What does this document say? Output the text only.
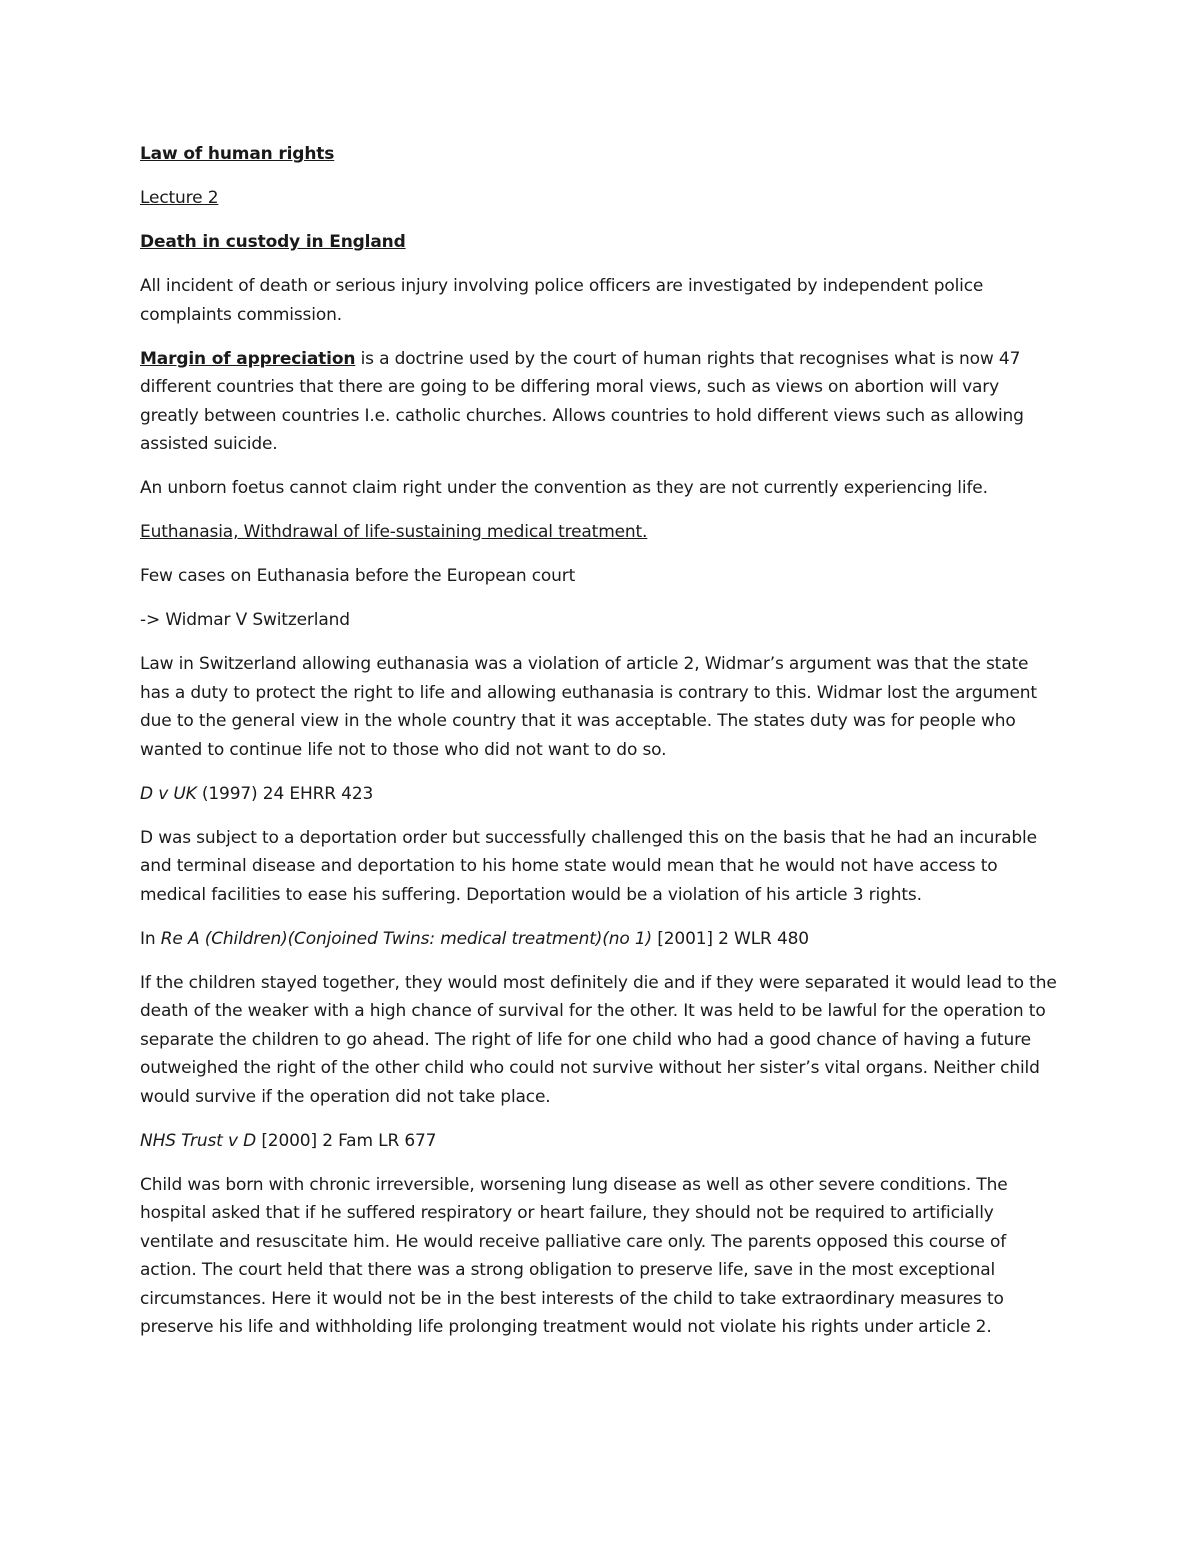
Law of human rights

Lecture 2

Death in custody in England

All incident of death or serious injury involving police officers are investigated by independent police complaints commission.

Margin of appreciation is a doctrine used by the court of human rights that recognises what is now 47 different countries that there are going to be differing moral views, such as views on abortion will vary greatly between countries I.e. catholic churches. Allows countries to hold different views such as allowing assisted suicide.

An unborn foetus cannot claim right under the convention as they are not currently experiencing life.

Euthanasia, Withdrawal of life-sustaining medical treatment.

Few cases on Euthanasia before the European court

-> Widmar V Switzerland

Law in Switzerland allowing euthanasia was a violation of article 2, Widmar’s argument was that the state has a duty to protect the right to life and allowing euthanasia is contrary to this. Widmar lost the argument due to the general view in the whole country that it was acceptable. The states duty was for people who wanted to continue life not to those who did not want to do so.

D v UK (1997) 24 EHRR 423

D was subject to a deportation order but successfully challenged this on the basis that he had an incurable and terminal disease and deportation to his home state would mean that he would not have access to medical facilities to ease his suffering. Deportation would be a violation of his article 3 rights.

In Re A (Children)(Conjoined Twins: medical treatment)(no 1) [2001] 2 WLR 480

If the children stayed together, they would most definitely die and if they were separated it would lead to the death of the weaker with a high chance of survival for the other. It was held to be lawful for the operation to separate the children to go ahead. The right of life for one child who had a good chance of having a future outweighed the right of the other child who could not survive without her sister’s vital organs. Neither child would survive if the operation did not take place.

NHS Trust v D [2000] 2 Fam LR 677

Child was born with chronic irreversible, worsening lung disease as well as other severe conditions. The hospital asked that if he suffered respiratory or heart failure, they should not be required to artificially ventilate and resuscitate him. He would receive palliative care only. The parents opposed this course of action. The court held that there was a strong obligation to preserve life, save in the most exceptional circumstances. Here it would not be in the best interests of the child to take extraordinary measures to preserve his life and withholding life prolonging treatment would not violate his rights under article 2.
